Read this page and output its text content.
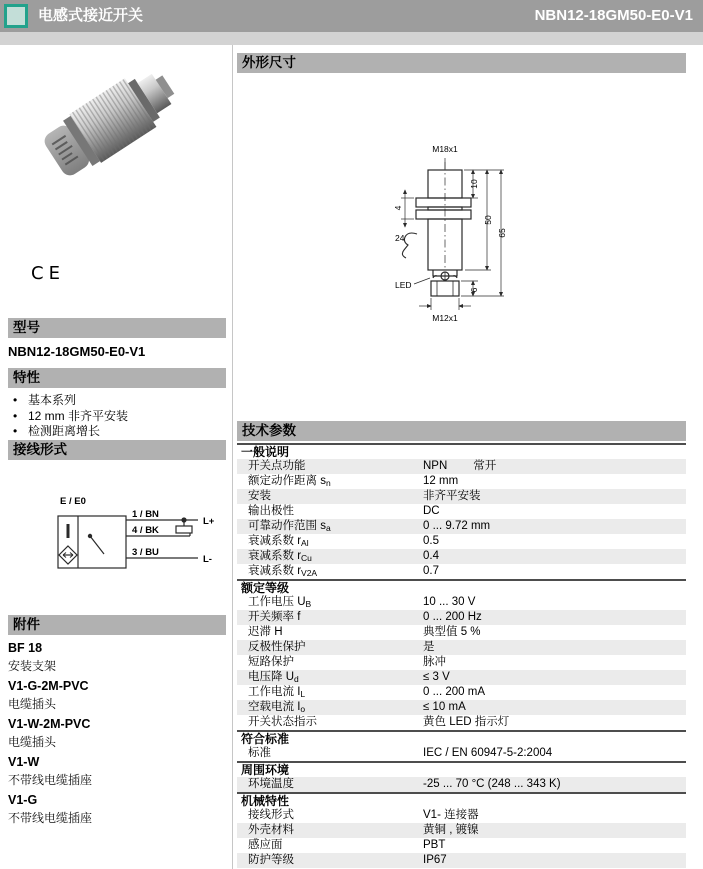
电感式接近开关	NBN12-18GM50-E0-V1
CE
型号
NBN12-18GM50-E0-V1
特性
• 基本系列
• 12 mm 非齐平安装
• 检测距离增长
接线形式
E / E0
1 / BN
4 / BK
3 / BU
L+
L-
附件
BF 18
安装支架
V1-G-2M-PVC
电缆插头
V1-W-2M-PVC
电缆插头
V1-W
不带线电缆插座
V1-G
不带线电缆插座
外形尺寸
M18x1
10
50
65
4
24
LED	6
M12x1
技术参数
一般说明
开关点功能	NPN 常开
额定动作距离 $s_n$	12 mm
安装	非齐平安装
输出极性	DC
可靠动作范围 $s_a$	0 ... 9.72 mm
衰减系数 $r_{Al}$	0.5
衰减系数 $r_{Cu}$	0.4
衰减系数 $r_{V2A}$	0.7
额定等级
工作电压 $U_B$	10 ... 30 V
开关频率 f	0 ... 200 Hz
迟滞 H	典型值 5 %
反极性保护	是
短路保护	脉冲
电压降 $U_d$	≤ 3 V
工作电流 $I_L$	0 ... 200 mA
空载电流 $I_o$	≤ 10 mA
开关状态指示	黄色 LED 指示灯
符合标准
标准	IEC / EN 60947-5-2:2004
周围环境
环境温度	-25 ... 70 °C (248 ... 343 K)
机械特性
接线形式	V1- 连接器
外壳材料	黄铜 , 镀镍
感应面	PBT
防护等级	IP67
